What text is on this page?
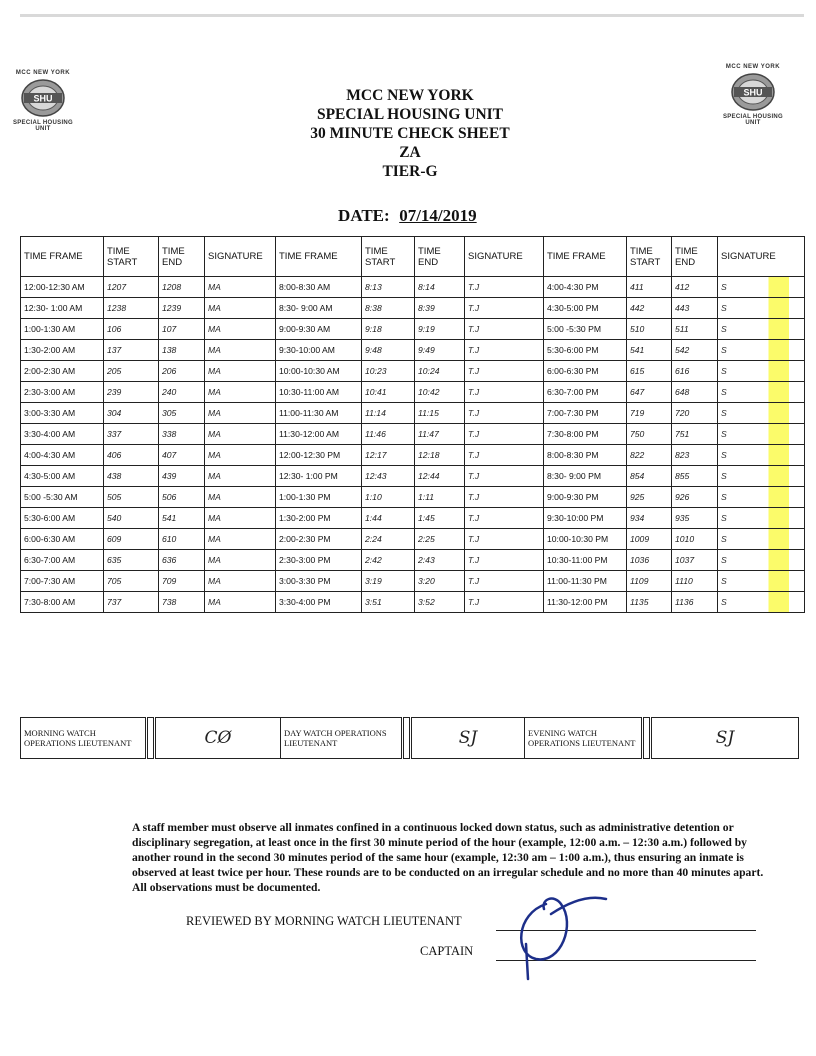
MCC NEW YORK
SHU
SPECIAL HOUSING UNIT
MCC NEW YORK
SHU
SPECIAL HOUSING UNIT
MCC NEW YORK
SPECIAL HOUSING UNIT
30 MINUTE CHECK SHEET
ZA
TIER-G
DATE: 07/14/2019
TIME FRAME	TIME START	TIME END	SIGNATURE	TIME FRAME	TIME START	TIME END	SIGNATURE	TIME FRAME	TIME START	TIME END	SIGNATURE
12:00-12:30 AM	1207	1208	MA	8:00-8:30 AM	8:13	8:14	T.J	4:00-4:30 PM	411	412	S
12:30- 1:00 AM	1238	1239	MA	8:30- 9:00 AM	8:38	8:39	T.J	4:30-5:00 PM	442	443	S
1:00-1:30 AM	106	107	MA	9:00-9:30 AM	9:18	9:19	T.J	5:00 -5:30 PM	510	511	S
1:30-2:00 AM	137	138	MA	9:30-10:00 AM	9:48	9:49	T.J	5:30-6:00 PM	541	542	S
2:00-2:30 AM	205	206	MA	10:00-10:30 AM	10:23	10:24	T.J	6:00-6:30 PM	615	616	S
2:30-3:00 AM	239	240	MA	10:30-11:00 AM	10:41	10:42	T.J	6:30-7:00 PM	647	648	S
3:00-3:30 AM	304	305	MA	11:00-11:30 AM	11:14	11:15	T.J	7:00-7:30 PM	719	720	S
3:30-4:00 AM	337	338	MA	11:30-12:00 AM	11:46	11:47	T.J	7:30-8:00 PM	750	751	S
4:00-4:30 AM	406	407	MA	12:00-12:30 PM	12:17	12:18	T.J	8:00-8:30 PM	822	823	S
4:30-5:00 AM	438	439	MA	12:30- 1:00 PM	12:43	12:44	T.J	8:30- 9:00 PM	854	855	S
5:00 -5:30 AM	505	506	MA	1:00-1:30 PM	1:10	1:11	T.J	9:00-9:30 PM	925	926	S
5:30-6:00 AM	540	541	MA	1:30-2:00 PM	1:44	1:45	T.J	9:30-10:00 PM	934	935	S
6:00-6:30 AM	609	610	MA	2:00-2:30 PM	2:24	2:25	T.J	10:00-10:30 PM	1009	1010	S
6:30-7:00 AM	635	636	MA	2:30-3:00 PM	2:42	2:43	T.J	10:30-11:00 PM	1036	1037	S
7:00-7:30 AM	705	709	MA	3:00-3:30 PM	3:19	3:20	T.J	11:00-11:30 PM	1109	1110	S
7:30-8:00 AM	737	738	MA	3:30-4:00 PM	3:51	3:52	T.J	11:30-12:00 PM	1135	1136	S
MORNING WATCH OPERATIONS LIEUTENANT		CØ	DAY WATCH OPERATIONS LIEUTENANT		SJ	EVENING WATCH OPERATIONS LIEUTENANT		SJ
A staff member must observe all inmates confined in a continuous locked down status, such as administrative detention or disciplinary segregation, at least once in the first 30 minute period of the hour (example, 12:00 a.m. – 12:30 a.m.) followed by another round in the second 30 minutes period of the same hour (example, 12:30 am – 1:00 a.m.), thus ensuring an inmate is observed at least twice per hour. These rounds are to be conducted on an irregular schedule and no more than 40 minutes apart. All observations must be documented.
REVIEWED BY MORNING WATCH LIEUTENANT
CAPTAIN
